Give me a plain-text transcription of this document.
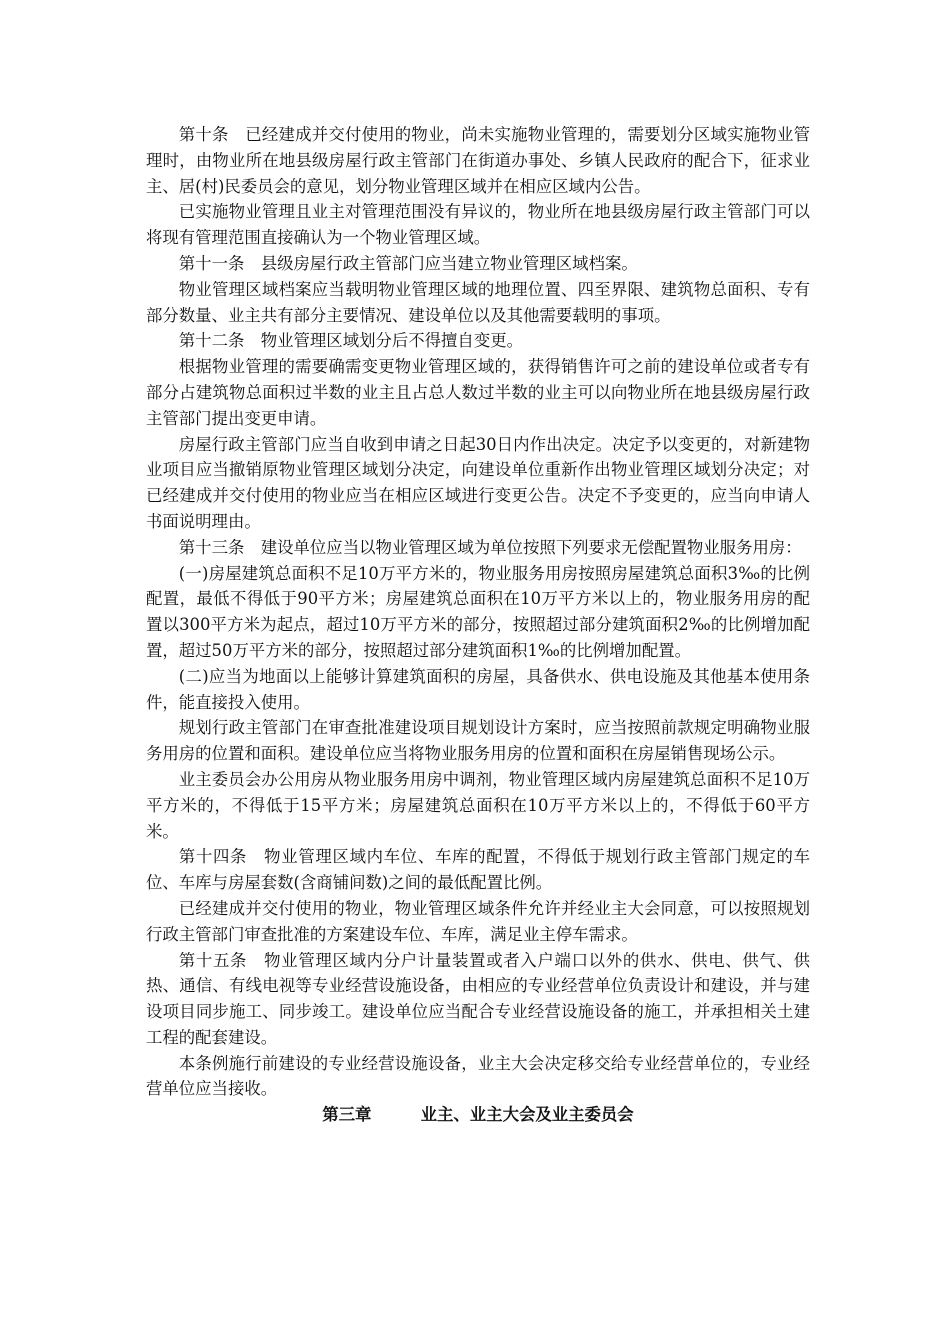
第十条　已经建成并交付使用的物业，尚未实施物业管理的，需要划分区域实施物业管理时，由物业所在地县级房屋行政主管部门在街道办事处、乡镇人民政府的配合下，征求业主、居(村)民委员会的意见，划分物业管理区域并在相应区域内公告。

已实施物业管理且业主对管理范围没有异议的，物业所在地县级房屋行政主管部门可以将现有管理范围直接确认为一个物业管理区域。

第十一条　县级房屋行政主管部门应当建立物业管理区域档案。

物业管理区域档案应当载明物业管理区域的地理位置、四至界限、建筑物总面积、专有部分数量、业主共有部分主要情况、建设单位以及其他需要载明的事项。

第十二条　物业管理区域划分后不得擅自变更。

根据物业管理的需要确需变更物业管理区域的，获得销售许可之前的建设单位或者专有部分占建筑物总面积过半数的业主且占总人数过半数的业主可以向物业所在地县级房屋行政主管部门提出变更申请。

房屋行政主管部门应当自收到申请之日起30日内作出决定。决定予以变更的，对新建物业项目应当撤销原物业管理区域划分决定，向建设单位重新作出物业管理区域划分决定；对已经建成并交付使用的物业应当在相应区域进行变更公告。决定不予变更的，应当向申请人书面说明理由。

第十三条　建设单位应当以物业管理区域为单位按照下列要求无偿配置物业服务用房：

(一)房屋建筑总面积不足10万平方米的，物业服务用房按照房屋建筑总面积3‰的比例配置，最低不得低于90平方米；房屋建筑总面积在10万平方米以上的，物业服务用房的配置以300平方米为起点，超过10万平方米的部分，按照超过部分建筑面积2‰的比例增加配置，超过50万平方米的部分，按照超过部分建筑面积1‰的比例增加配置。

(二)应当为地面以上能够计算建筑面积的房屋，具备供水、供电设施及其他基本使用条件，能直接投入使用。

规划行政主管部门在审查批准建设项目规划设计方案时，应当按照前款规定明确物业服务用房的位置和面积。建设单位应当将物业服务用房的位置和面积在房屋销售现场公示。

业主委员会办公用房从物业服务用房中调剂，物业管理区域内房屋建筑总面积不足10万平方米的，不得低于15平方米；房屋建筑总面积在10万平方米以上的，不得低于60平方米。

第十四条　物业管理区域内车位、车库的配置，不得低于规划行政主管部门规定的车位、车库与房屋套数(含商铺间数)之间的最低配置比例。

已经建成并交付使用的物业，物业管理区域条件允许并经业主大会同意，可以按照规划行政主管部门审查批准的方案建设车位、车库，满足业主停车需求。

第十五条　物业管理区域内分户计量装置或者入户端口以外的供水、供电、供气、供热、通信、有线电视等专业经营设施设备，由相应的专业经营单位负责设计和建设，并与建设项目同步施工、同步竣工。建设单位应当配合专业经营设施设备的施工，并承担相关土建工程的配套建设。

本条例施行前建设的专业经营设施设备，业主大会决定移交给专业经营单位的，专业经营单位应当接收。

第三章　　　业主、业主大会及业主委员会
